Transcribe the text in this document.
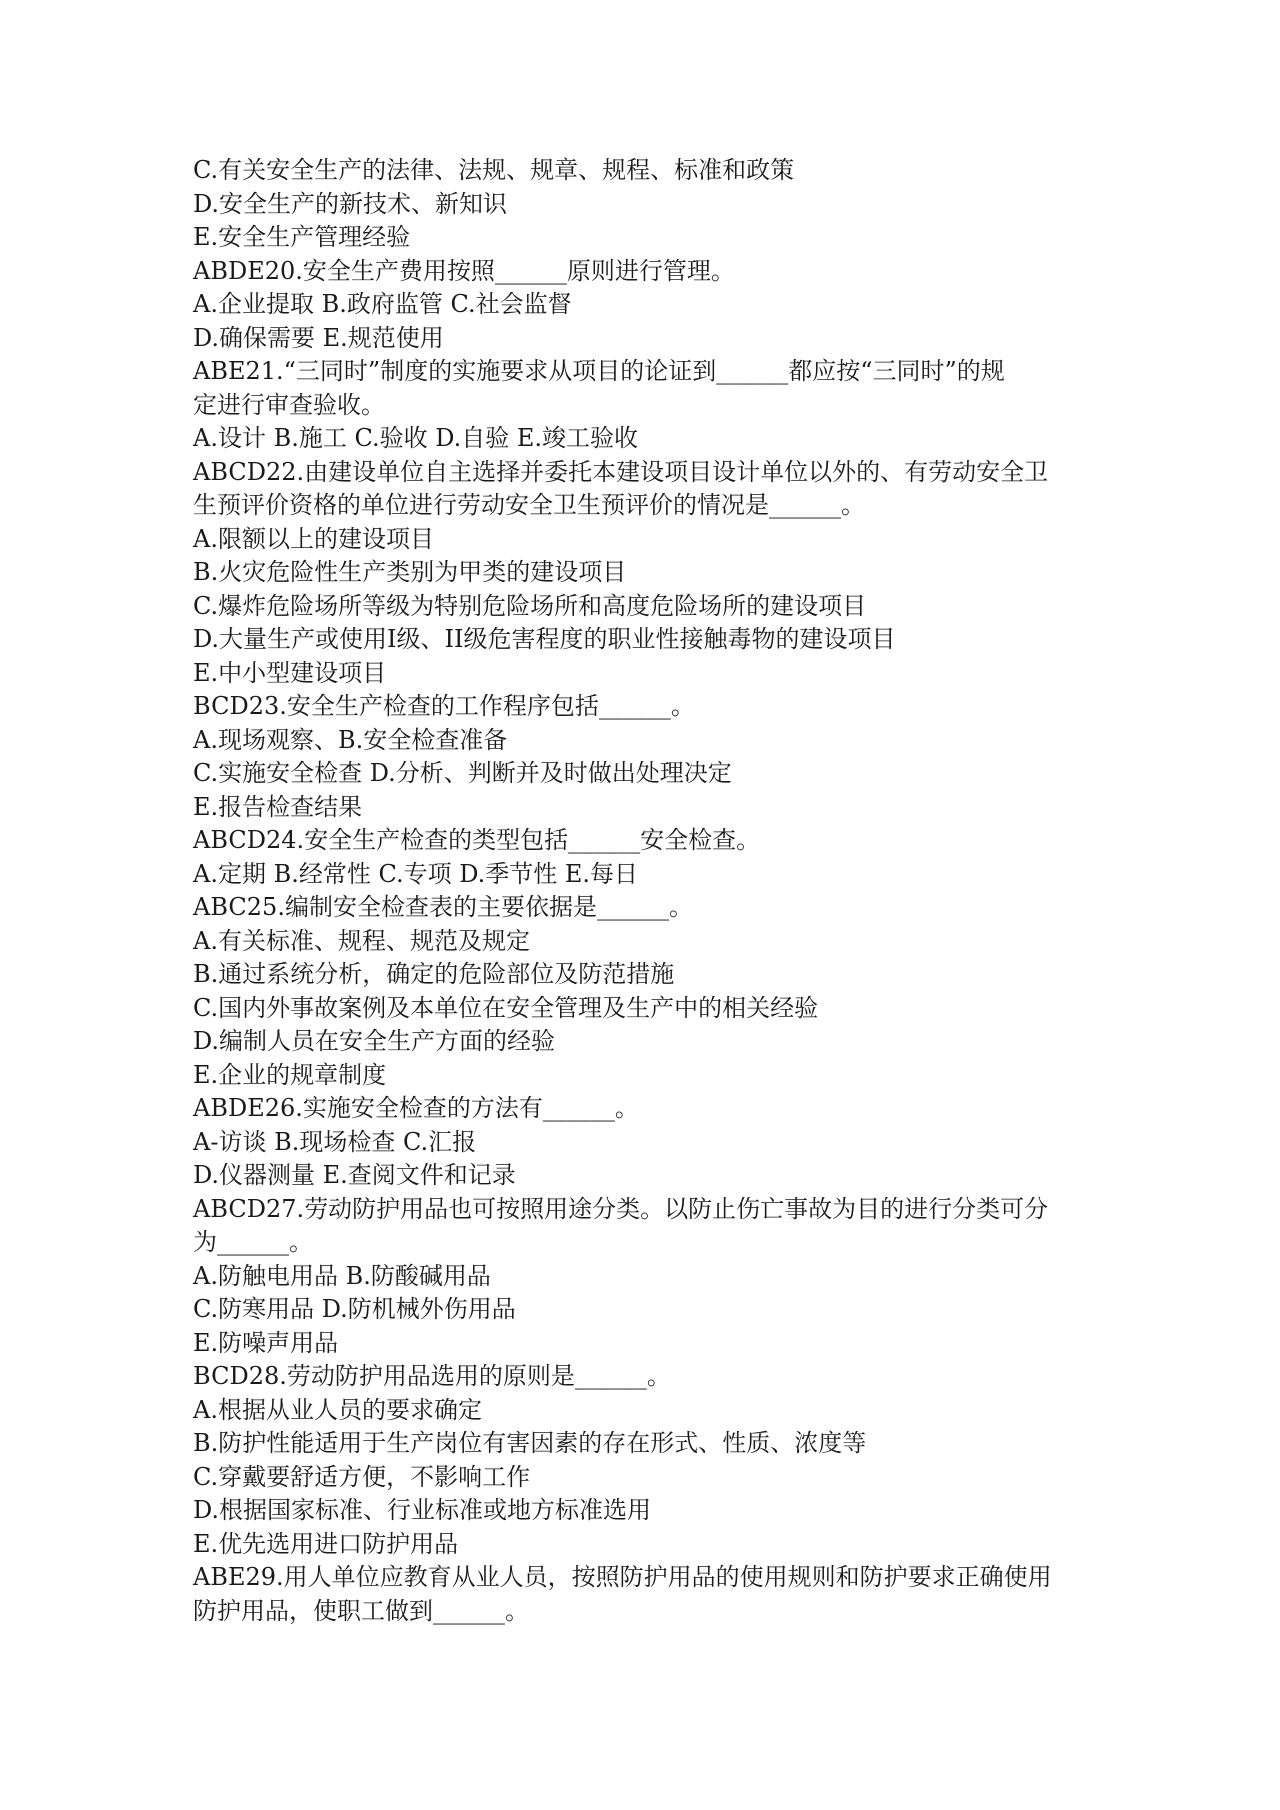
C.有关安全生产的法律、法规、规章、规程、标准和政策
D.安全生产的新技术、新知识
E.安全生产管理经验
ABDE20.安全生产费用按照______原则进行管理。
A.企业提取 B.政府监管 C.社会监督
D.确保需要 E.规范使用
ABE21.“三同时”制度的实施要求从项目的论证到______都应按“三同时”的规
定进行审查验收。
A.设计 B.施工 C.验收 D.自验 E.竣工验收
ABCD22.由建设单位自主选择并委托本建设项目设计单位以外的、有劳动安全卫
生预评价资格的单位进行劳动安全卫生预评价的情况是______。
A.限额以上的建设项目
B.火灾危险性生产类别为甲类的建设项目
C.爆炸危险场所等级为特别危险场所和高度危险场所的建设项目
D.大量生产或使用Ⅰ级、II级危害程度的职业性接触毒物的建设项目
E.中小型建设项目
BCD23.安全生产检查的工作程序包括______。
A.现场观察、B.安全检查准备
C.实施安全检查 D.分析、判断并及时做出处理决定
E.报告检查结果
ABCD24.安全生产检查的类型包括______安全检查。
A.定期 B.经常性 C.专项 D.季节性 E.每日
ABC25.编制安全检查表的主要依据是______。
A.有关标准、规程、规范及规定
B.通过系统分析，确定的危险部位及防范措施
C.国内外事故案例及本单位在安全管理及生产中的相关经验
D.编制人员在安全生产方面的经验
E.企业的规章制度
ABDE26.实施安全检查的方法有______。
A-访谈 B.现场检查 C.汇报
D.仪器测量 E.查阅文件和记录
ABCD27.劳动防护用品也可按照用途分类。以防止伤亡事故为目的进行分类可分
为______。
A.防触电用品 B.防酸碱用品
C.防寒用品 D.防机械外伤用品
E.防噪声用品
BCD28.劳动防护用品选用的原则是______。
A.根据从业人员的要求确定
B.防护性能适用于生产岗位有害因素的存在形式、性质、浓度等
C.穿戴要舒适方便，不影响工作
D.根据国家标准、行业标准或地方标准选用
E.优先选用进口防护用品
ABE29.用人单位应教育从业人员，按照防护用品的使用规则和防护要求正确使用
防护用品，使职工做到______。
